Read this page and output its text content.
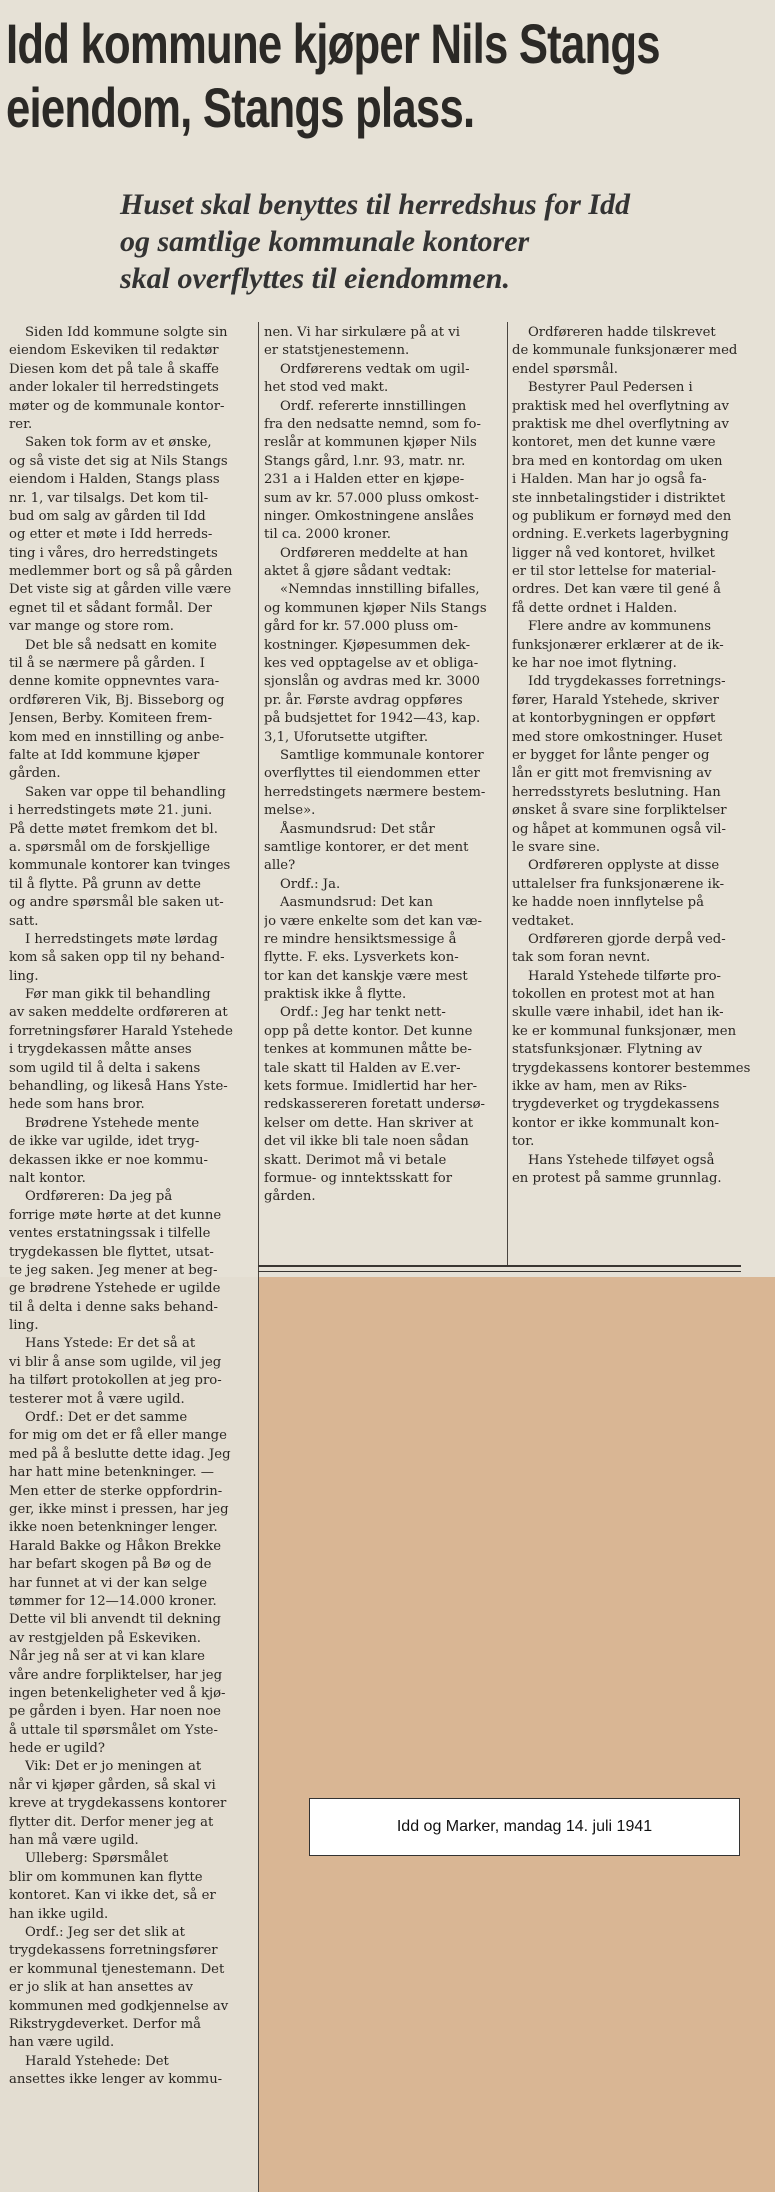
Idd kommune kjøper Nils Stangs
eiendom, Stangs plass.
Huset skal benyttes til herredshus for Idd
og samtlige kommunale kontorer
skal overflyttes til eiendommen.
nen. Vi har sirkulære på at vi
er statstjenestemenn.
Ordførerens vedtak om ugil-
het stod ved makt.
Ordf. refererte innstillingen
fra den nedsatte nemnd, som fo-
reslår at kommunen kjøper Nils
Stangs gård, l.nr. 93, matr. nr.
231 a i Halden etter en kjøpe-
sum av kr. 57.000 pluss omkost-
ninger. Omkostningene anslåes
til ca. 2000 kroner.
Ordføreren meddelte at han
aktet å gjøre sådant vedtak:
«Nemndas innstilling bifalles,
og kommunen kjøper Nils Stangs
gård for kr. 57.000 pluss om-
kostninger. Kjøpesummen dek-
kes ved opptagelse av et obliga-
sjonslån og avdras med kr. 3000
pr. år. Første avdrag oppføres
på budsjettet for 1942—43, kap.
3,1, Uforutsette utgifter.
Samtlige kommunale kontorer
overflyttes til eiendommen etter
herredstingets nærmere bestem-
melse».
Åasmundsrud: Det står
samtlige kontorer, er det ment
alle?
Ordf.: Ja.
Aasmundsrud: Det kan
jo være enkelte som det kan væ-
re mindre hensiktsmessige å
flytte. F. eks. Lysverkets kon-
tor kan det kanskje være mest
praktisk ikke å flytte.
Ordf.: Jeg har tenkt nett-
opp på dette kontor. Det kunne
tenkes at kommunen måtte be-
tale skatt til Halden av E.ver-
kets formue. Imidlertid har her-
redskassereren foretatt undersø-
kelser om dette. Han skriver at
det vil ikke bli tale noen sådan
skatt. Derimot må vi betale
formue- og inntektsskatt for
gården.
Ordføreren hadde tilskrevet
de kommunale funksjonærer med
endel spørsmål.
Bestyrer Paul Pedersen i
praktisk med hel overflytning av
praktisk me dhel overflytning av
kontoret, men det kunne være
bra med en kontordag om uken
i Halden. Man har jo også fa-
ste innbetalingstider i distriktet
og publikum er fornøyd med den
ordning. E.verkets lagerbygning
ligger nå ved kontoret, hvilket
er til stor lettelse for material-
ordres. Det kan være til gené å
få dette ordnet i Halden.
Flere andre av kommunens
funksjonærer erklærer at de ik-
ke har noe imot flytning.
Idd trygdekasses forretnings-
fører, Harald Ystehede, skriver
at kontorbygningen er oppført
med store omkostninger. Huset
er bygget for lånte penger og
lån er gitt mot fremvisning av
herredsstyrets beslutning. Han
ønsket å svare sine forpliktelser
og håpet at kommunen også vil-
le svare sine.
Ordføreren opplyste at disse
uttalelser fra funksjonærene ik-
ke hadde noen innflytelse på
vedtaket.
Ordføreren gjorde derpå ved-
tak som foran nevnt.
Harald Ystehede tilførte pro-
tokollen en protest mot at han
skulle være inhabil, idet han ik-
ke er kommunal funksjonær, men
statsfunksjonær. Flytning av
trygdekassens kontorer bestemmes
ikke av ham, men av Riks-
trygdeverket og trygdekassens
kontor er ikke kommunalt kon-
tor.
Hans Ystehede tilføyet også
en protest på samme grunnlag.
Siden Idd kommune solgte sin
eiendom Eskeviken til redaktør
Diesen kom det på tale å skaffe
ander lokaler til herredstingets
møter og de kommunale kontor-
rer.
Saken tok form av et ønske,
og så viste det sig at Nils Stangs
eiendom i Halden, Stangs plass
nr. 1, var tilsalgs. Det kom til-
bud om salg av gården til Idd
og etter et møte i Idd herreds-
ting i våres, dro herredstingets
medlemmer bort og så på gården
Det viste sig at gården ville være
egnet til et sådant formål. Der
var mange og store rom.
Det ble så nedsatt en komite
til å se nærmere på gården. I
denne komite oppnevntes vara-
ordføreren Vik, Bj. Bisseborg og
Jensen, Berby. Komiteen frem-
kom med en innstilling og anbe-
falte at Idd kommune kjøper
gården.
Saken var oppe til behandling
i herredstingets møte 21. juni.
På dette møtet fremkom det bl.
a. spørsmål om de forskjellige
kommunale kontorer kan tvinges
til å flytte. På grunn av dette
og andre spørsmål ble saken ut-
satt.
I herredstingets møte lørdag
kom så saken opp til ny behand-
ling.
Før man gikk til behandling
av saken meddelte ordføreren at
forretningsfører Harald Ystehede
i trygdekassen måtte anses
som ugild til å delta i sakens
behandling, og likeså Hans Yste-
hede som hans bror.
Brødrene Ystehede mente
de ikke var ugilde, idet tryg-
dekassen ikke er noe kommu-
nalt kontor.
Ordføreren: Da jeg på
forrige møte hørte at det kunne
ventes erstatningssak i tilfelle
trygdekassen ble flyttet, utsat-
te jeg saken. Jeg mener at beg-
ge brødrene Ystehede er ugilde
til å delta i denne saks behand-
ling.
Hans Ystede: Er det så at
vi blir å anse som ugilde, vil jeg
ha tilført protokollen at jeg pro-
testerer mot å være ugild.
Ordf.: Det er det samme
for mig om det er få eller mange
med på å beslutte dette idag. Jeg
har hatt mine betenkninger. —
Men etter de sterke oppfordrin-
ger, ikke minst i pressen, har jeg
ikke noen betenkninger lenger.
Harald Bakke og Håkon Brekke
har befart skogen på Bø og de
har funnet at vi der kan selge
tømmer for 12—14.000 kroner.
Dette vil bli anvendt til dekning
av restgjelden på Eskeviken.
Når jeg nå ser at vi kan klare
våre andre forpliktelser, har jeg
ingen betenkeligheter ved å kjø-
pe gården i byen. Har noen noe
å uttale til spørsmålet om Yste-
hede er ugild?
Vik: Det er jo meningen at
når vi kjøper gården, så skal vi
kreve at trygdekassens kontorer
flytter dit. Derfor mener jeg at
han må være ugild.
Ulleberg: Spørsmålet
blir om kommunen kan flytte
kontoret. Kan vi ikke det, så er
han ikke ugild.
Ordf.: Jeg ser det slik at
trygdekassens forretningsfører
er kommunal tjenestemann. Det
er jo slik at han ansettes av
kommunen med godkjennelse av
Rikstrygdeverket. Derfor må
han være ugild.
Harald Ystehede: Det
ansettes ikke lenger av kommu-
Idd og Marker, mandag 14. juli 1941
